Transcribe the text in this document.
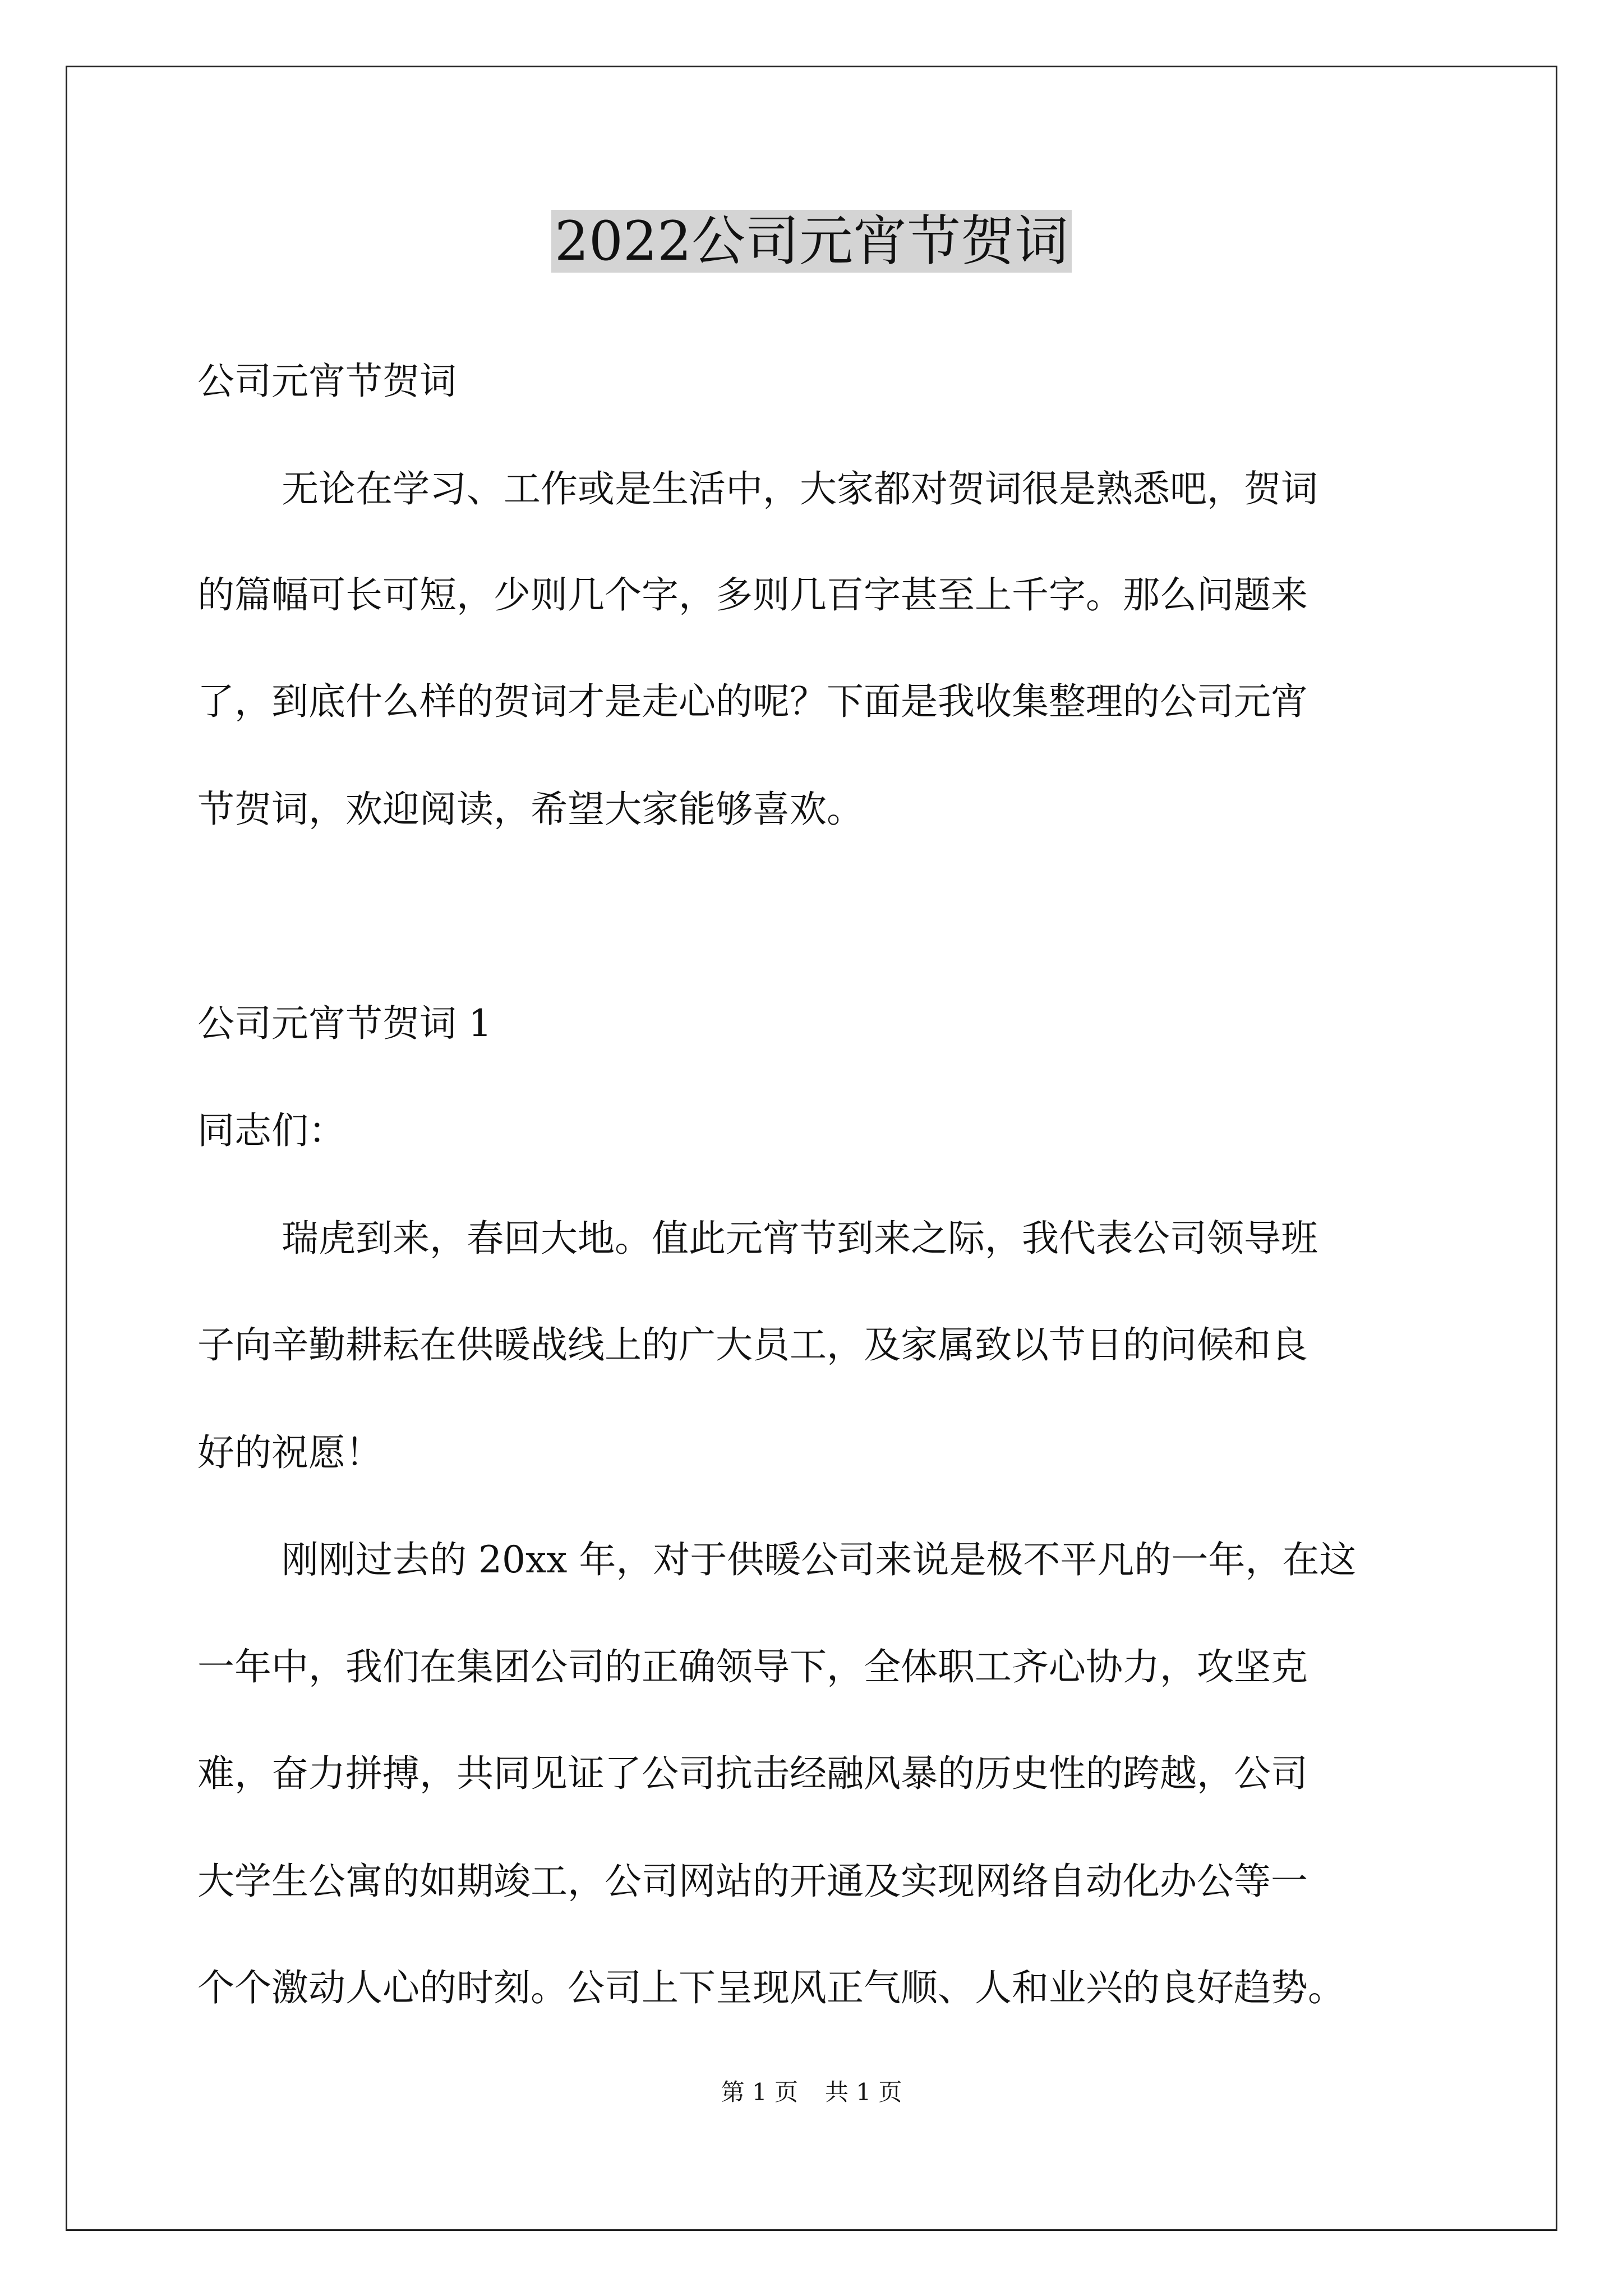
2022公司元宵节贺词
公司元宵节贺词
无论在学习、工作或是生活中，大家都对贺词很是熟悉吧，贺词
的篇幅可长可短，少则几个字，多则几百字甚至上千字。那么问题来
了，到底什么样的贺词才是走心的呢？下面是我收集整理的公司元宵
节贺词，欢迎阅读，希望大家能够喜欢。
公司元宵节贺词 1
同志们：
瑞虎到来，春回大地。值此元宵节到来之际，我代表公司领导班
子向辛勤耕耘在供暖战线上的广大员工，及家属致以节日的问候和良
好的祝愿！
刚刚过去的 20xx 年，对于供暖公司来说是极不平凡的一年，在这
一年中，我们在集团公司的正确领导下，全体职工齐心协力，攻坚克
难，奋力拼搏，共同见证了公司抗击经融风暴的历史性的跨越，公司
大学生公寓的如期竣工，公司网站的开通及实现网络自动化办公等一
个个激动人心的时刻。公司上下呈现风正气顺、人和业兴的良好趋势。
第 1 页 共 1 页
